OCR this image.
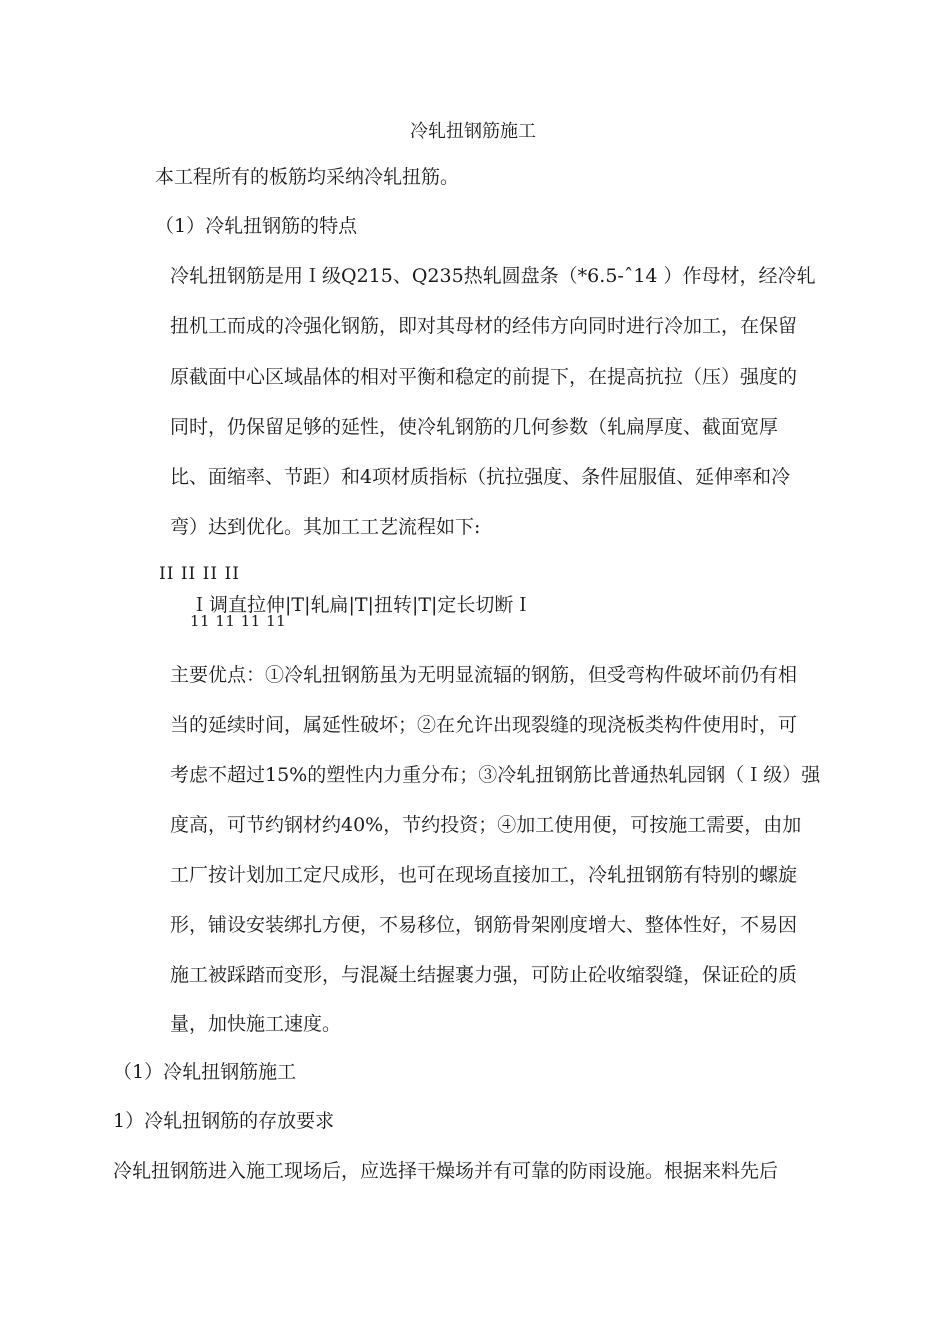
冷轧扭钢筋施工
本工程所有的板筋均采纳冷轧扭筋。
（1）冷轧扭钢筋的特点
冷轧扭钢筋是用Ｉ级Q215、Q235热轧圆盘条（*6.5-ˆ14 ）作母材，经冷轧
扭机工而成的冷强化钢筋，即对其母材的经伟方向同时进行冷加工，在保留
原截面中心区域晶体的相对平衡和稳定的前提下，在提高抗拉（压）强度的
同时，仍保留足够的延性，使冷轧钢筋的几何参数（轧扁厚度、截面宽厚
比、面缩率、节距）和4项材质指标（抗拉强度、条件屈服值、延伸率和冷
弯）达到优化。其加工工艺流程如下:
II II II II
Ｉ调直拉伸|T|轧扁|T|扭转|T|定长切断Ｉ
11 11 11 11
主要优点：①冷轧扭钢筋虽为无明显流辐的钢筋，但受弯构件破坏前仍有相
当的延续时间，属延性破坏；②在允许出现裂缝的现浇板类构件使用时，可
考虑不超过15%的塑性内力重分布；③冷轧扭钢筋比普通热轧园钢（Ｉ级）强
度高，可节约钢材约40%，节约投资；④加工使用便，可按施工需要，由加
工厂按计划加工定尺成形，也可在现场直接加工，冷轧扭钢筋有特别的螺旋
形，铺设安装绑扎方便，不易移位，钢筋骨架刚度增大、整体性好，不易因
施工被踩踏而变形，与混凝土结握裹力强，可防止砼收缩裂缝，保证砼的质
量，加快施工速度。
（1）冷轧扭钢筋施工
1）冷轧扭钢筋的存放要求
冷轧扭钢筋进入施工现场后，应选择干燥场并有可靠的防雨设施。根据来料先后
